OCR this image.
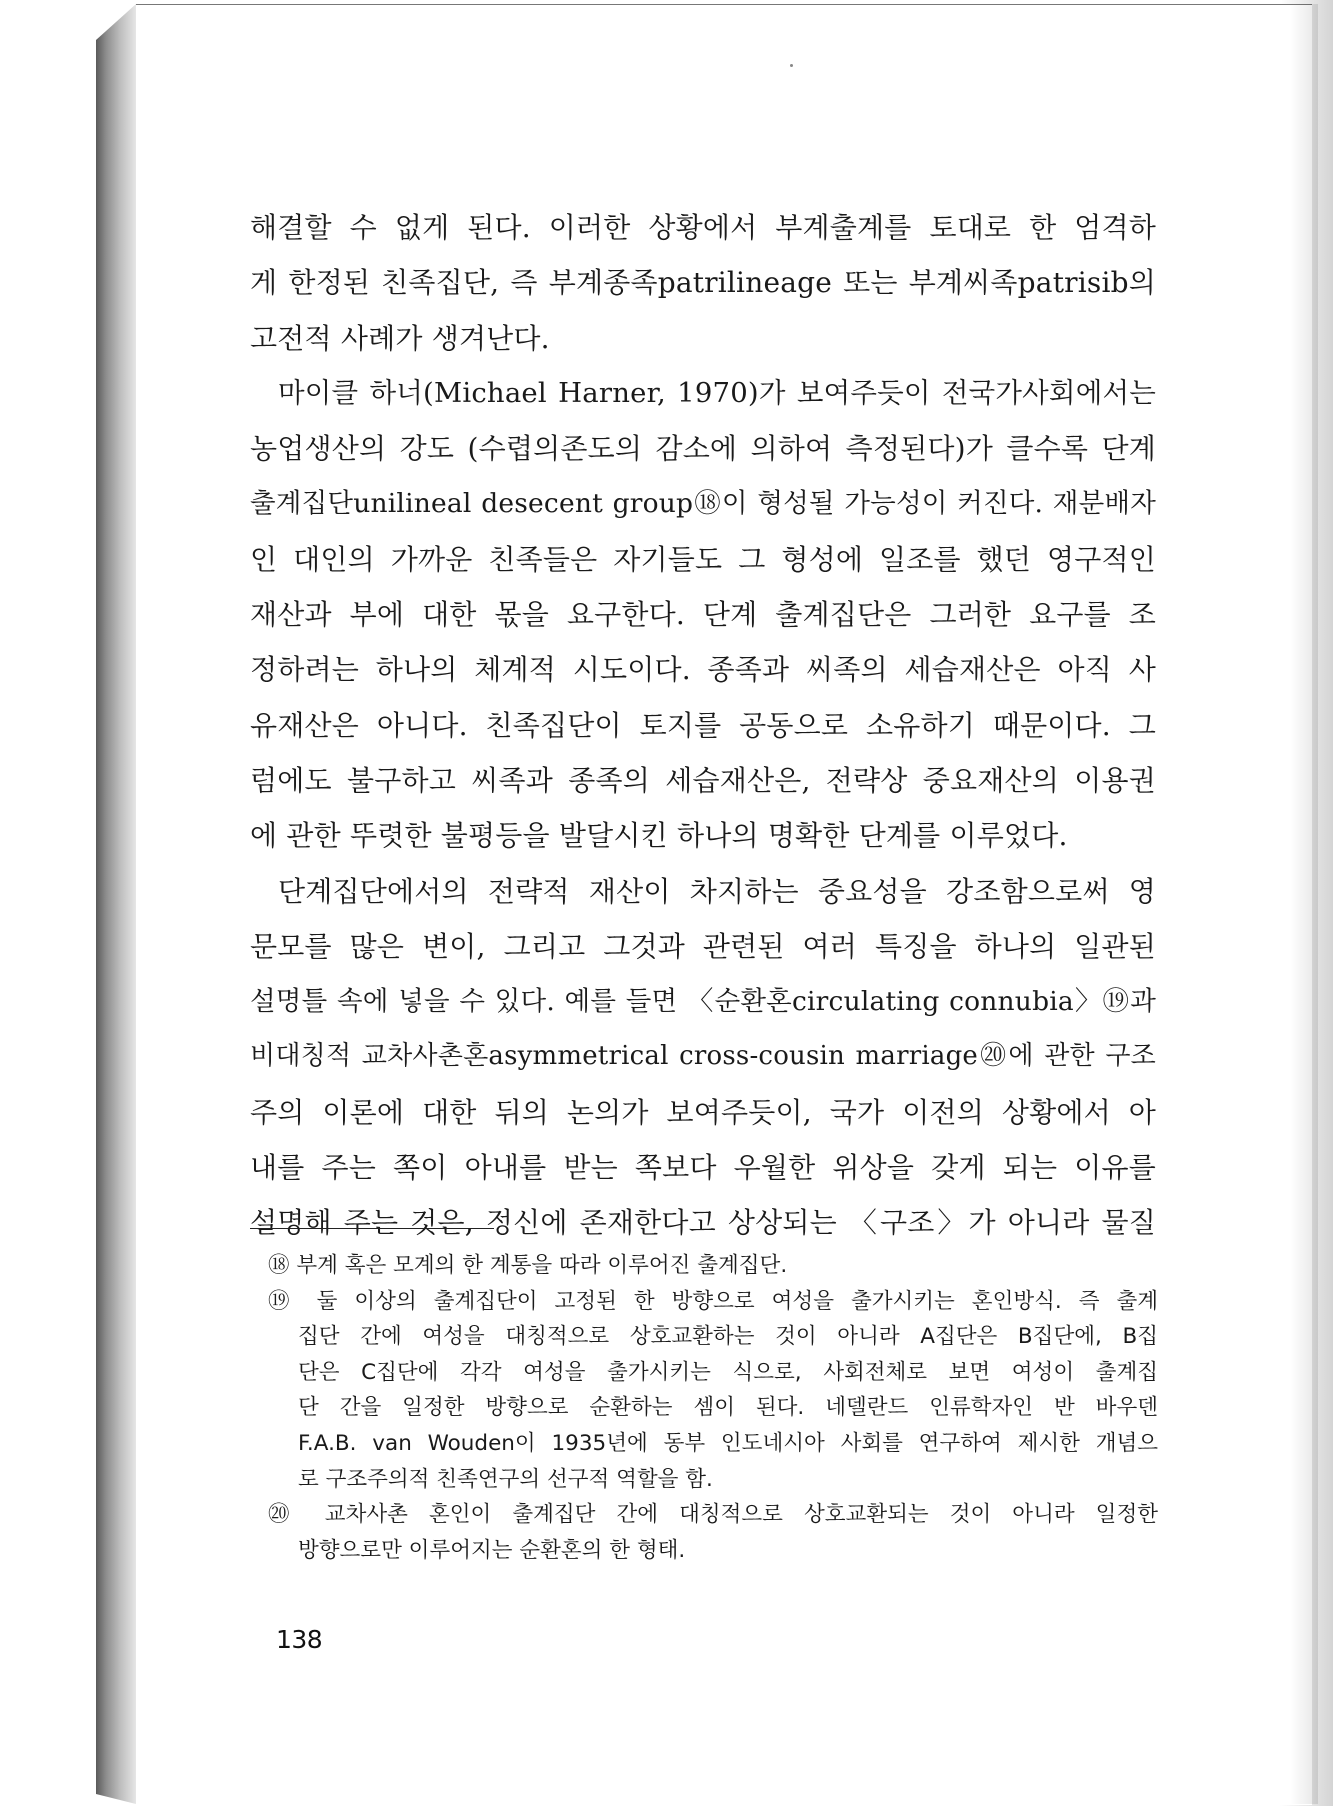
해결할 수 없게 된다. 이러한 상황에서 부계출계를 토대로 한 엄격하
게 한정된 친족집단, 즉 부계종족patrilineage 또는 부계씨족patrisib의
고전적 사례가 생겨난다.
마이클 하너(Michael Harner, 1970)가 보여주듯이 전국가사회에서는
농업생산의 강도 (수렵의존도의 감소에 의하여 측정된다)가 클수록 단계
출계집단unilineal desecent group⑱이 형성될 가능성이 커진다. 재분배자
인 대인의 가까운 친족들은 자기들도 그 형성에 일조를 했던 영구적인
재산과 부에 대한 몫을 요구한다. 단계 출계집단은 그러한 요구를 조
정하려는 하나의 체계적 시도이다. 종족과 씨족의 세습재산은 아직 사
유재산은 아니다. 친족집단이 토지를 공동으로 소유하기 때문이다. 그
럼에도 불구하고 씨족과 종족의 세습재산은, 전략상 중요재산의 이용권
에 관한 뚜렷한 불평등을 발달시킨 하나의 명확한 단계를 이루었다.
단계집단에서의 전략적 재산이 차지하는 중요성을 강조함으로써 영
문모를 많은 변이, 그리고 그것과 관련된 여러 특징을 하나의 일관된
설명틀 속에 넣을 수 있다. 예를 들면 〈순환혼circulating connubia〉⑲과
비대칭적 교차사촌혼asymmetrical cross-cousin marriage⑳에 관한 구조
주의 이론에 대한 뒤의 논의가 보여주듯이, 국가 이전의 상황에서 아
내를 주는 쪽이 아내를 받는 쪽보다 우월한 위상을 갖게 되는 이유를
설명해 주는 것은, 정신에 존재한다고 상상되는 〈구조〉가 아니라 물질
⑱ 부계 혹은 모계의 한 계통을 따라 이루어진 출계집단.
⑲ 둘 이상의 출계집단이 고정된 한 방향으로 여성을 출가시키는 혼인방식. 즉 출계
집단 간에 여성을 대칭적으로 상호교환하는 것이 아니라 A집단은 B집단에, B집
단은 C집단에 각각 여성을 출가시키는 식으로, 사회전체로 보면 여성이 출계집
단 간을 일정한 방향으로 순환하는 셈이 된다. 네델란드 인류학자인 반 바우덴
F.A.B. van Wouden이 1935년에 동부 인도네시아 사회를 연구하여 제시한 개념으
로 구조주의적 친족연구의 선구적 역할을 함.
⑳ 교차사촌 혼인이 출계집단 간에 대칭적으로 상호교환되는 것이 아니라 일정한
방향으로만 이루어지는 순환혼의 한 형태.
138
